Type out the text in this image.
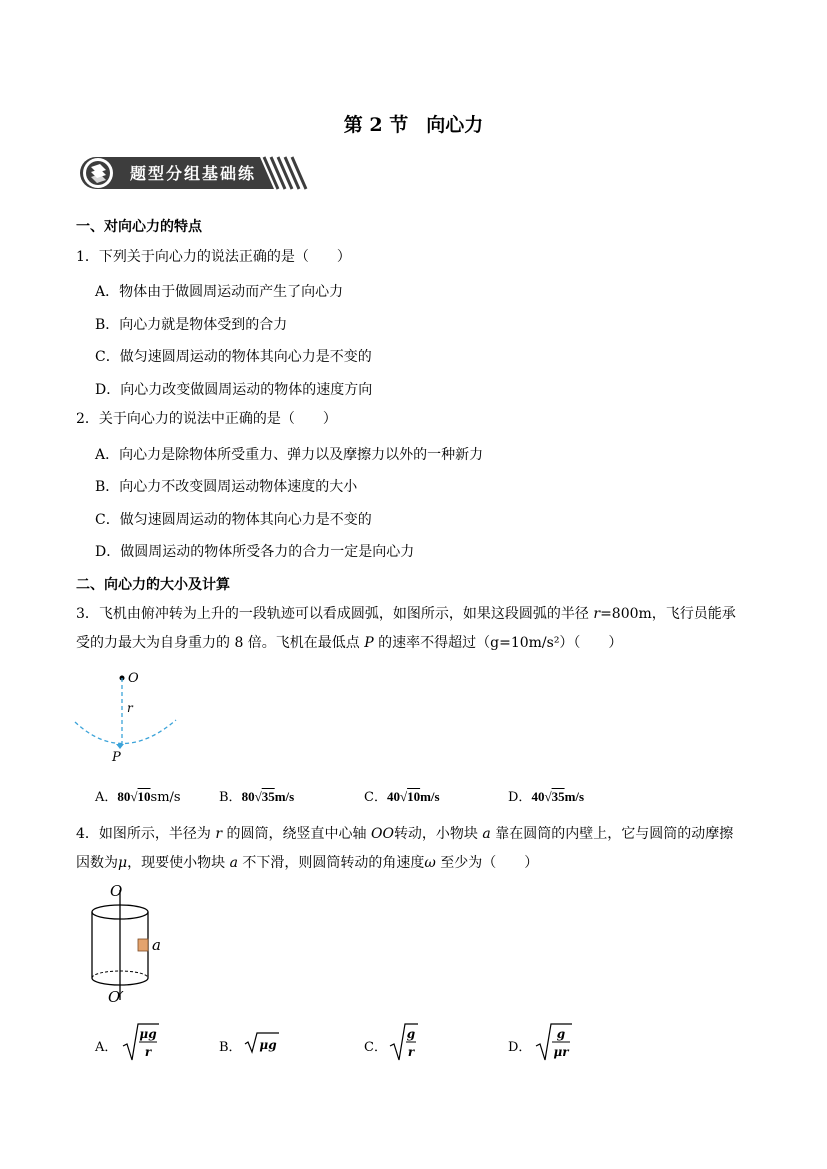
第 2 节 向心力
题型分组基础练
一、对向心力的特点
1．下列关于向心力的说法正确的是（　　）
A．物体由于做圆周运动而产生了向心力
B．向心力就是物体受到的合力
C．做匀速圆周运动的物体其向心力是不变的
D．向心力改变做圆周运动的物体的速度方向
2．关于向心力的说法中正确的是（　　）
A．向心力是除物体所受重力、弹力以及摩擦力以外的一种新力
B．向心力不改变圆周运动物体速度的大小
C．做匀速圆周运动的物体其向心力是不变的
D．做圆周运动的物体所受各力的合力一定是向心力
二、向心力的大小及计算
3．飞机由俯冲转为上升的一段轨迹可以看成圆弧，如图所示，如果这段圆弧的半径 r=800m，飞行员能承
受的力最大为自身重力的 8 倍。飞机在最低点 P 的速率不得超过（g=10m/s²）（　　）
O
r
P
A．80√10sm/s	B．80√35m/s	C．40√10m/s	D．40√35m/s
4．如图所示，半径为 r 的圆筒，绕竖直中心轴 OO转动，小物块 a 靠在圆筒的内壁上，它与圆筒的动摩擦
因数为μ，现要使小物块 a 不下滑，则圆筒转动的角速度ω 至少为（　　）
O
O′
a
A．
μg
r	B． μg	C．
g
r	D．
g
μr
